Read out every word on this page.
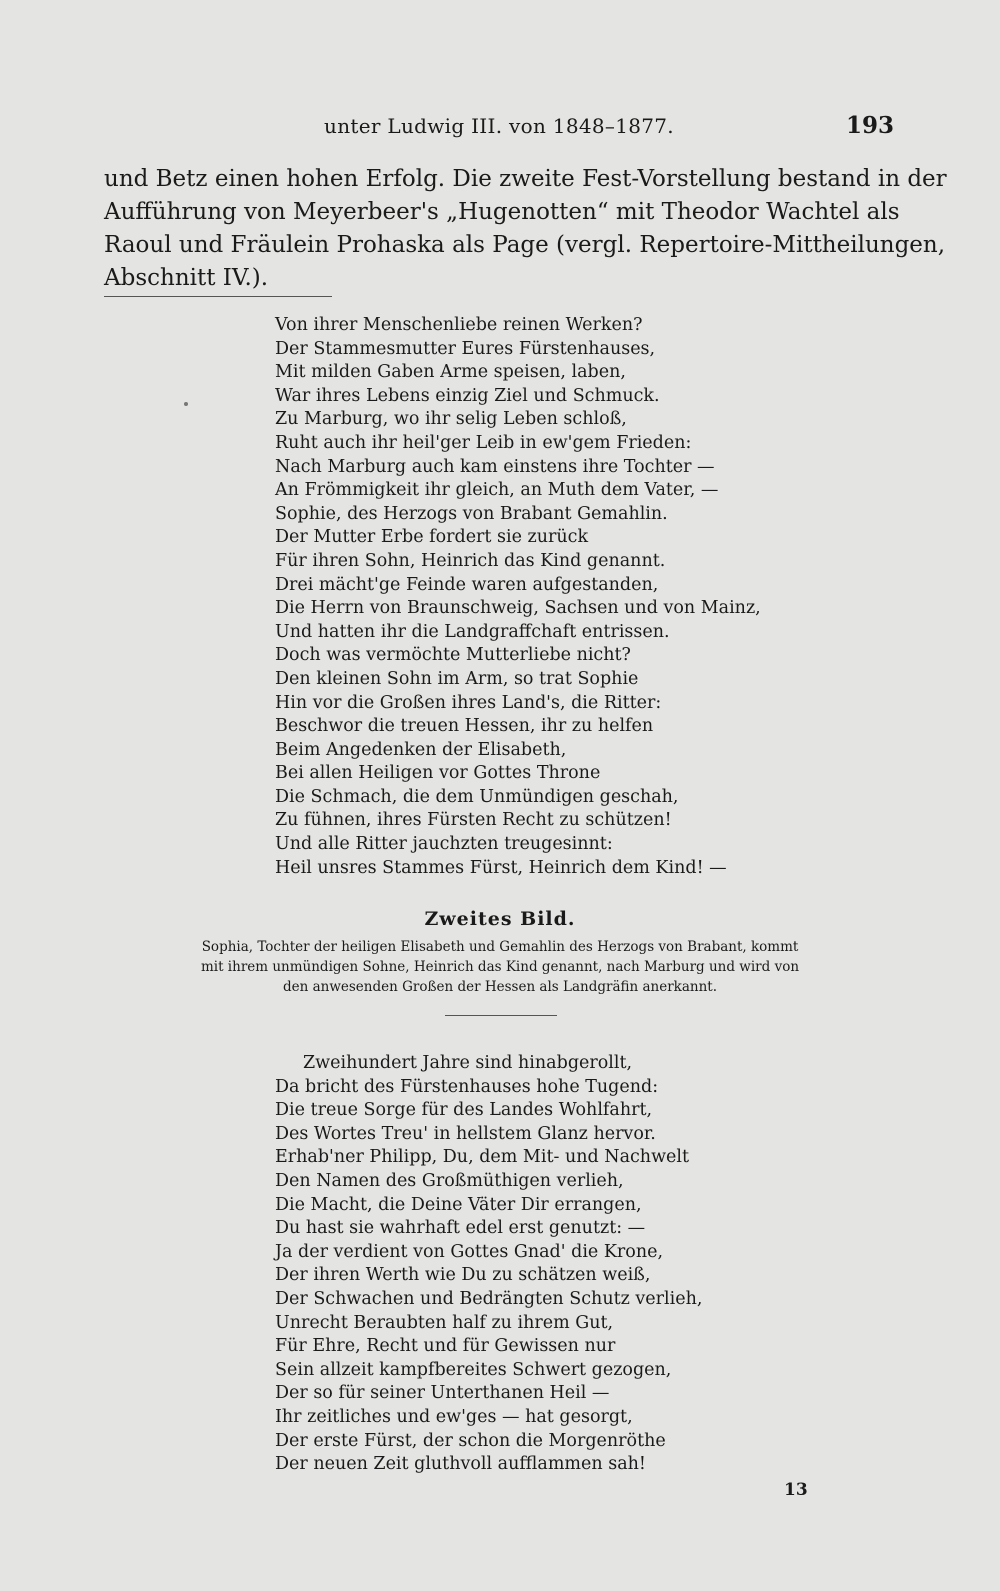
unter Ludwig III. von 1848–1877.	193
und Betz einen hohen Erfolg. Die zweite Fest-Vorstellung bestand in der
Aufführung von Meyerbeer's „Hugenotten“ mit Theodor Wachtel als
Raoul und Fräulein Prohaska als Page (vergl. Repertoire-Mittheilungen,
Abschnitt IV.).
Von ihrer Menschenliebe reinen Werken?
Der Stammesmutter Eures Fürstenhauses,
Mit milden Gaben Arme speisen, laben,
War ihres Lebens einzig Ziel und Schmuck.
Zu Marburg, wo ihr selig Leben schloß,
Ruht auch ihr heil'ger Leib in ew'gem Frieden:
Nach Marburg auch kam einstens ihre Tochter —
An Frömmigkeit ihr gleich, an Muth dem Vater, —
Sophie, des Herzogs von Brabant Gemahlin.
Der Mutter Erbe fordert sie zurück
Für ihren Sohn, Heinrich das Kind genannt.
Drei mächt'ge Feinde waren aufgestanden,
Die Herrn von Braunschweig, Sachsen und von Mainz,
Und hatten ihr die Landgraffchaft entrissen.
Doch was vermöchte Mutterliebe nicht?
Den kleinen Sohn im Arm, so trat Sophie
Hin vor die Großen ihres Land's, die Ritter:
Beschwor die treuen Hessen, ihr zu helfen
Beim Angedenken der Elisabeth,
Bei allen Heiligen vor Gottes Throne
Die Schmach, die dem Unmündigen geschah,
Zu fühnen, ihres Fürsten Recht zu schützen!
Und alle Ritter jauchzten treugesinnt:
Heil unsres Stammes Fürst, Heinrich dem Kind! —
Zweites Bild.
Sophia, Tochter der heiligen Elisabeth und Gemahlin des Herzogs von Brabant, kommt
mit ihrem unmündigen Sohne, Heinrich das Kind genannt, nach Marburg und wird von
den anwesenden Großen der Hessen als Landgräfin anerkannt.
Zweihundert Jahre sind hinabgerollt,
Da bricht des Fürstenhauses hohe Tugend:
Die treue Sorge für des Landes Wohlfahrt,
Des Wortes Treu' in hellstem Glanz hervor.
Erhab'ner Philipp, Du, dem Mit- und Nachwelt
Den Namen des Großmüthigen verlieh,
Die Macht, die Deine Väter Dir errangen,
Du hast sie wahrhaft edel erst genutzt: —
Ja der verdient von Gottes Gnad' die Krone,
Der ihren Werth wie Du zu schätzen weiß,
Der Schwachen und Bedrängten Schutz verlieh,
Unrecht Beraubten half zu ihrem Gut,
Für Ehre, Recht und für Gewissen nur
Sein allzeit kampfbereites Schwert gezogen,
Der so für seiner Unterthanen Heil —
Ihr zeitliches und ew'ges — hat gesorgt,
Der erste Fürst, der schon die Morgenröthe
Der neuen Zeit gluthvoll aufflammen sah!
13
